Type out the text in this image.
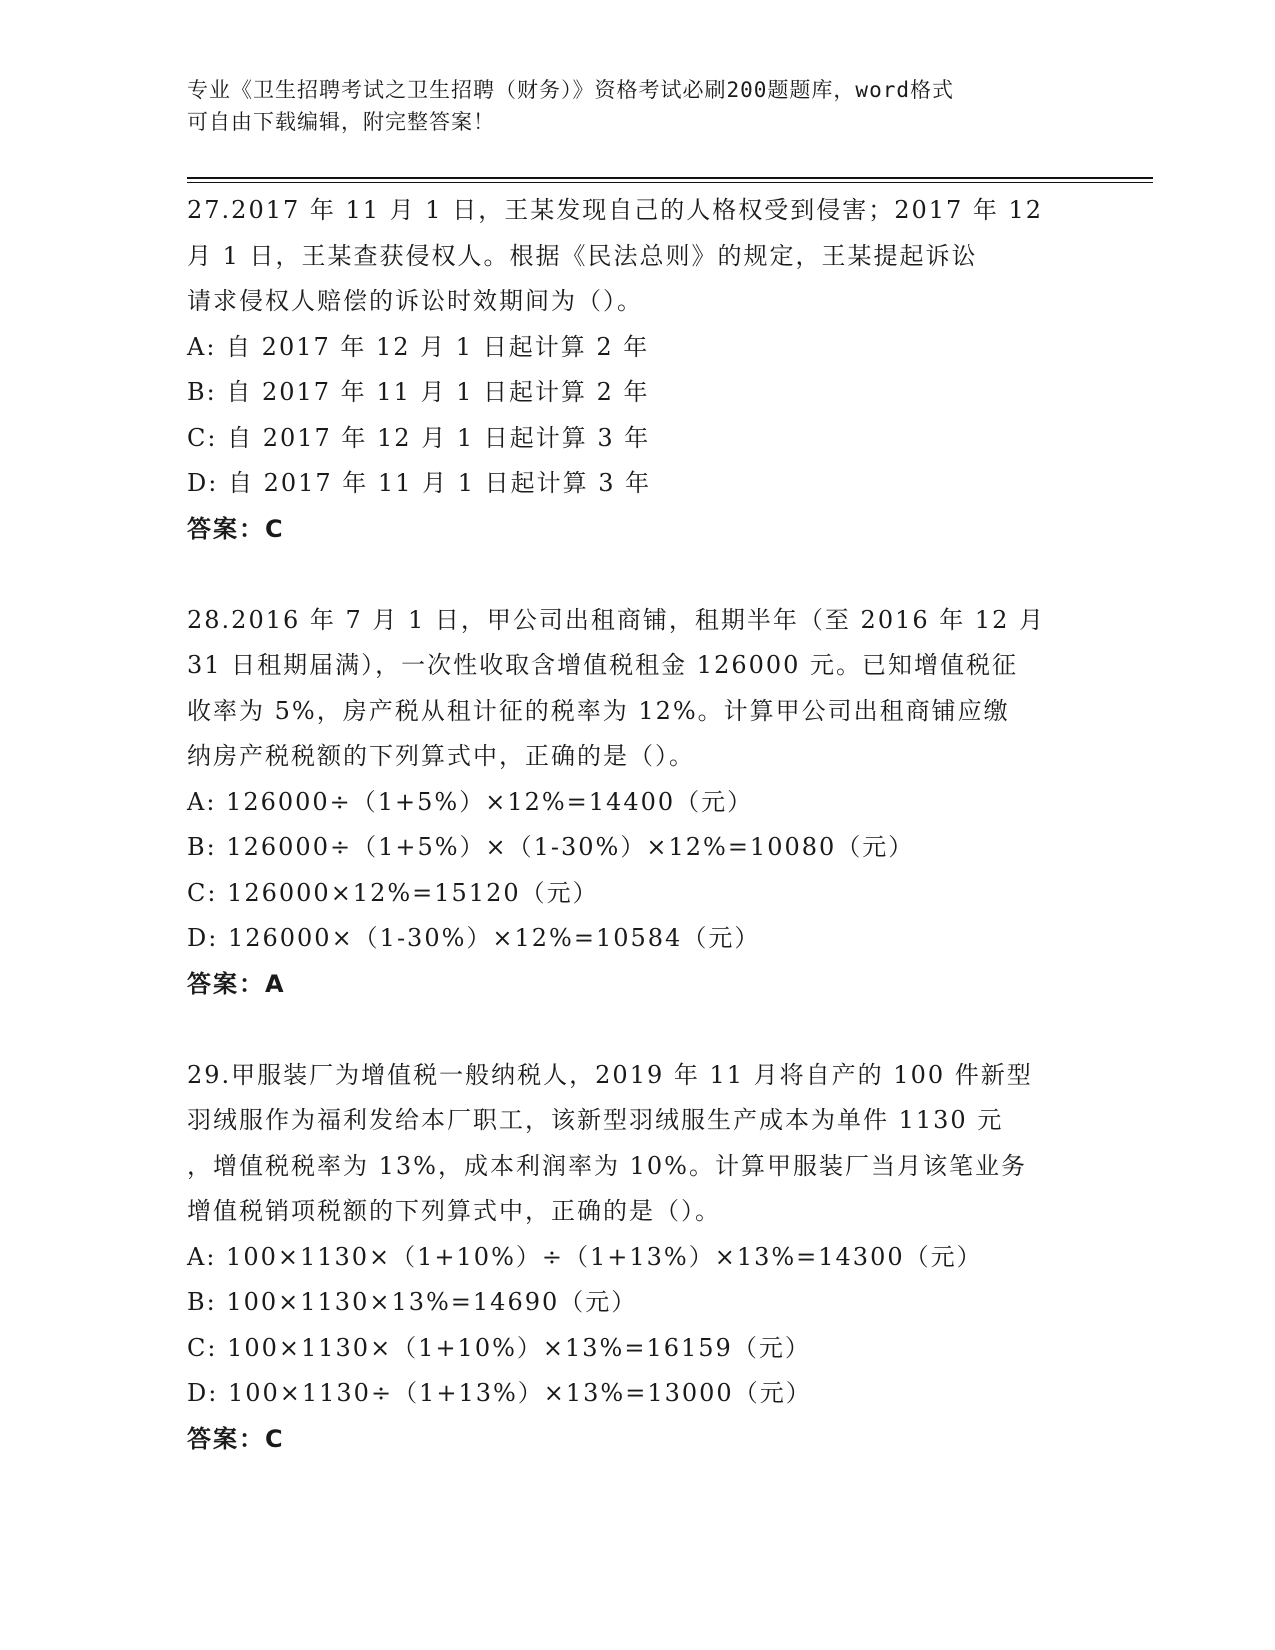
专业《卫生招聘考试之卫生招聘（财务）》资格考试必刷200题题库，word格式
可自由下载编辑，附完整答案！
27.2017 年 11 月 1 日，王某发现自己的人格权受到侵害；2017 年 12
月 1 日，王某查获侵权人。根据《民法总则》的规定，王某提起诉讼
请求侵权人赔偿的诉讼时效期间为（）。
A: 自 2017 年 12 月 1 日起计算 2 年
B: 自 2017 年 11 月 1 日起计算 2 年
C: 自 2017 年 12 月 1 日起计算 3 年
D: 自 2017 年 11 月 1 日起计算 3 年
答案：C
28.2016 年 7 月 1 日，甲公司出租商铺，租期半年（至 2016 年 12 月
31 日租期届满），一次性收取含增值税租金 126000 元。已知增值税征
收率为 5%，房产税从租计征的税率为 12%。计算甲公司出租商铺应缴
纳房产税税额的下列算式中，正确的是（）。
A: 126000÷（1+5%）×12%=14400（元）
B: 126000÷（1+5%）×（1-30%）×12%=10080（元）
C: 126000×12%=15120（元）
D: 126000×（1-30%）×12%=10584（元）
答案：A
29.甲服装厂为增值税一般纳税人，2019 年 11 月将自产的 100 件新型
羽绒服作为福利发给本厂职工，该新型羽绒服生产成本为单件 1130 元
，增值税税率为 13%，成本利润率为 10%。计算甲服装厂当月该笔业务
增值税销项税额的下列算式中，正确的是（）。
A: 100×1130×（1+10%）÷（1+13%）×13%=14300（元）
B: 100×1130×13%=14690（元）
C: 100×1130×（1+10%）×13%=16159（元）
D: 100×1130÷（1+13%）×13%=13000（元）
答案：C
